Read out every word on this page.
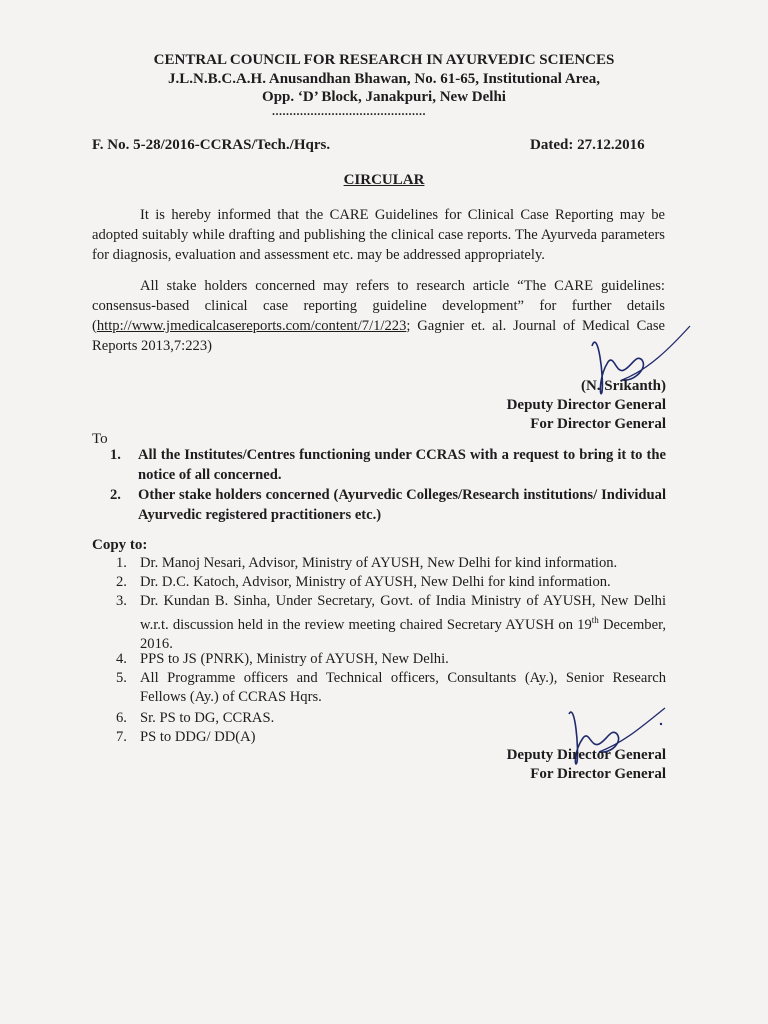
CENTRAL COUNCIL FOR RESEARCH IN AYURVEDIC SCIENCES
J.L.N.B.C.A.H. Anusandhan Bhawan, No. 61-65, Institutional Area,
Opp. ‘D’ Block, Janakpuri, New Delhi
............................................
F. No. 5-28/2016-CCRAS/Tech./Hqrs.	Dated: 27.12.2016
CIRCULAR
It is hereby informed that the CARE Guidelines for Clinical Case Reporting may be adopted suitably while drafting and publishing the clinical case reports. The Ayurveda parameters for diagnosis, evaluation and assessment etc. may be addressed appropriately.
All stake holders concerned may refers to research article “The CARE guidelines: consensus-based clinical case reporting guideline development” for further details (http://www.jmedicalcasereports.com/content/7/1/223; Gagnier et. al. Journal of Medical Case Reports 2013,7:223)
(N. Srikanth)
Deputy Director General
For Director General
To
1. All the Institutes/Centres functioning under CCRAS with a request to bring it to the notice of all concerned.
2. Other stake holders concerned (Ayurvedic Colleges/Research institutions/ Individual Ayurvedic registered practitioners etc.)
Copy to:
1. Dr. Manoj Nesari, Advisor, Ministry of AYUSH, New Delhi for kind information.
2. Dr. D.C. Katoch, Advisor, Ministry of AYUSH, New Delhi for kind information.
3. Dr. Kundan B. Sinha, Under Secretary, Govt. of India Ministry of AYUSH, New Delhi w.r.t. discussion held in the review meeting chaired Secretary AYUSH on 19th December, 2016.
4. PPS to JS (PNRK), Ministry of AYUSH, New Delhi.
5. All Programme officers and Technical officers, Consultants (Ay.), Senior Research Fellows (Ay.) of CCRAS Hqrs.
6. Sr. PS to DG, CCRAS.
7. PS to DDG/ DD(A)
Deputy Director General
For Director General
